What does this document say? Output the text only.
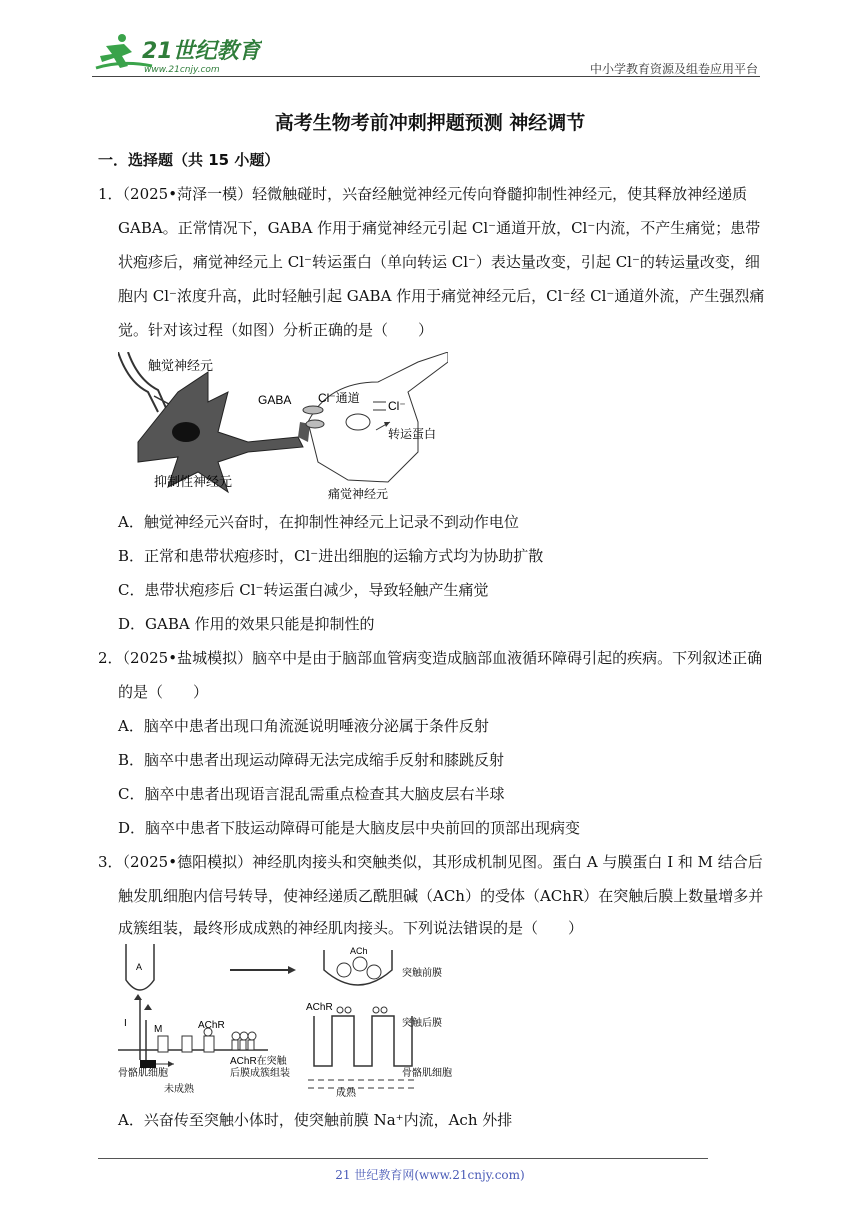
21世纪教育
www.21cnjy.com	中小学教育资源及组卷应用平台
高考生物考前冲刺押题预测 神经调节
一．选择题（共 15 小题）
1．（2025•菏泽一模）轻微触碰时，兴奋经触觉神经元传向脊髓抑制性神经元，使其释放神经递质
GABA。正常情况下，GABA 作用于痛觉神经元引起 Cl⁻通道开放，Cl⁻内流，不产生痛觉；患带
状疱疹后，痛觉神经元上 Cl⁻转运蛋白（单向转运 Cl⁻）表达量改变，引起 Cl⁻的转运量改变，细
胞内 Cl⁻浓度升高，此时轻触引起 GABA 作用于痛觉神经元后，Cl⁻经 Cl⁻通道外流，产生强烈痛
觉。针对该过程（如图）分析正确的是（　　）
触觉神经元
GABA Cl⁻通道
Cl⁻
转运蛋白
抑制性神经元
痛觉神经元
A．触觉神经元兴奋时，在抑制性神经元上记录不到动作电位
B．正常和患带状疱疹时，Cl⁻进出细胞的运输方式均为协助扩散
C．患带状疱疹后 Cl⁻转运蛋白减少，导致轻触产生痛觉
D．GABA 作用的效果只能是抑制性的
2．（2025•盐城模拟）脑卒中是由于脑部血管病变造成脑部血液循环障碍引起的疾病。下列叙述正确
的是（　　）
A．脑卒中患者出现口角流涎说明唾液分泌属于条件反射
B．脑卒中患者出现运动障碍无法完成缩手反射和膝跳反射
C．脑卒中患者出现语言混乱需重点检查其大脑皮层右半球
D．脑卒中患者下肢运动障碍可能是大脑皮层中央前回的顶部出现病变
3．（2025•德阳模拟）神经肌肉接头和突触类似，其形成机制见图。蛋白 A 与膜蛋白 I 和 M 结合后
触发肌细胞内信号转导，使神经递质乙酰胆碱（ACh）的受体（AChR）在突触后膜上数量增多并
成簇组装，最终形成成熟的神经肌肉接头。下列说法错误的是（　　）
A
I
M	AChR
AChR在突触
后膜成簇组装
骨骼肌细胞
未成熟
ACh
突触前膜
AChR
突触后膜
骨骼肌细胞
成熟
A．兴奋传至突触小体时，使突触前膜 Na⁺内流，Ach 外排
21 世纪教育网(www.21cnjy.com)
